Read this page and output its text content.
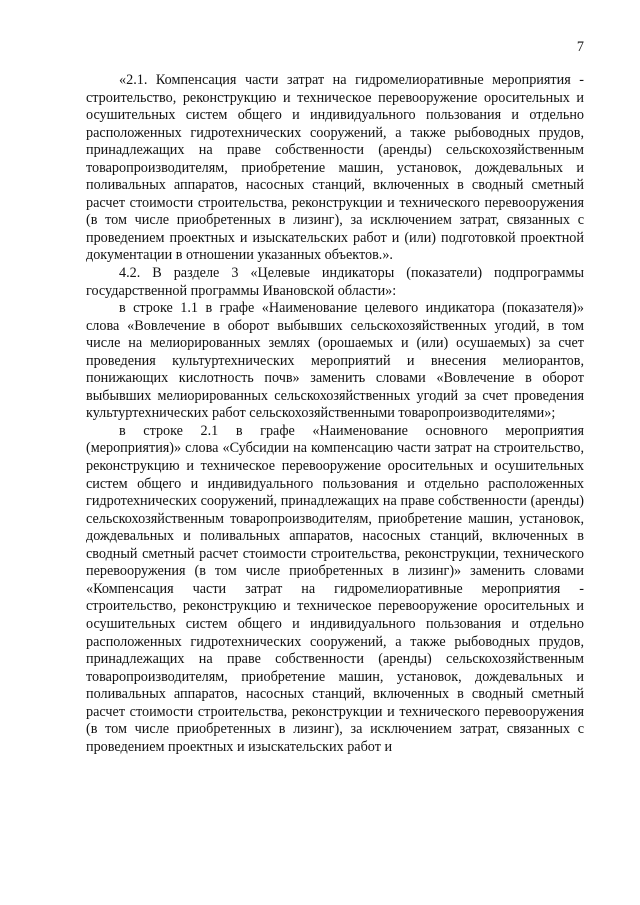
7

«2.1. Компенсация части затрат на гидромелиоративные мероприятия - строительство, реконструкцию и техническое перевооружение оросительных и осушительных систем общего и индивидуального пользования и отдельно расположенных гидротехнических сооружений, а также рыбоводных прудов, принадлежащих на праве собственности (аренды) сельскохозяйственным товаропроизводителям, приобретение машин, установок, дождевальных и поливальных аппаратов, насосных станций, включенных в сводный сметный расчет стоимости строительства, реконструкции и технического перевооружения (в том числе приобретенных в лизинг), за исключением затрат, связанных с проведением проектных и изыскательских работ и (или) подготовкой проектной документации в отношении указанных объектов.».

4.2. В разделе 3 «Целевые индикаторы (показатели) подпрограммы государственной программы Ивановской области»:

в строке 1.1 в графе «Наименование целевого индикатора (показателя)» слова «Вовлечение в оборот выбывших сельскохозяйственных угодий, в том числе на мелиорированных землях (орошаемых и (или) осушаемых) за счет проведения культуртехнических мероприятий и внесения мелиорантов, понижающих кислотность почв» заменить словами «Вовлечение в оборот выбывших мелиорированных сельскохозяйственных угодий за счет проведения культуртехнических работ сельскохозяйственными товаропроизводителями»;

в строке 2.1 в графе «Наименование основного мероприятия (мероприятия)» слова «Субсидии на компенсацию части затрат на строительство, реконструкцию и техническое перевооружение оросительных и осушительных систем общего и индивидуального пользования и отдельно расположенных гидротехнических сооружений, принадлежащих на праве собственности (аренды) сельскохозяйственным товаропроизводителям, приобретение машин, установок, дождевальных и поливальных аппаратов, насосных станций, включенных в сводный сметный расчет стоимости строительства, реконструкции, технического перевооружения (в том числе приобретенных в лизинг)» заменить словами «Компенсация части затрат на гидромелиоративные мероприятия - строительство, реконструкцию и техническое перевооружение оросительных и осушительных систем общего и индивидуального пользования и отдельно расположенных гидротехнических сооружений, а также рыбоводных прудов, принадлежащих на праве собственности (аренды) сельскохозяйственным товаропроизводителям, приобретение машин, установок, дождевальных и поливальных аппаратов, насосных станций, включенных в сводный сметный расчет стоимости строительства, реконструкции и технического перевооружения (в том числе приобретенных в лизинг), за исключением затрат, связанных с проведением проектных и изыскательских работ и
